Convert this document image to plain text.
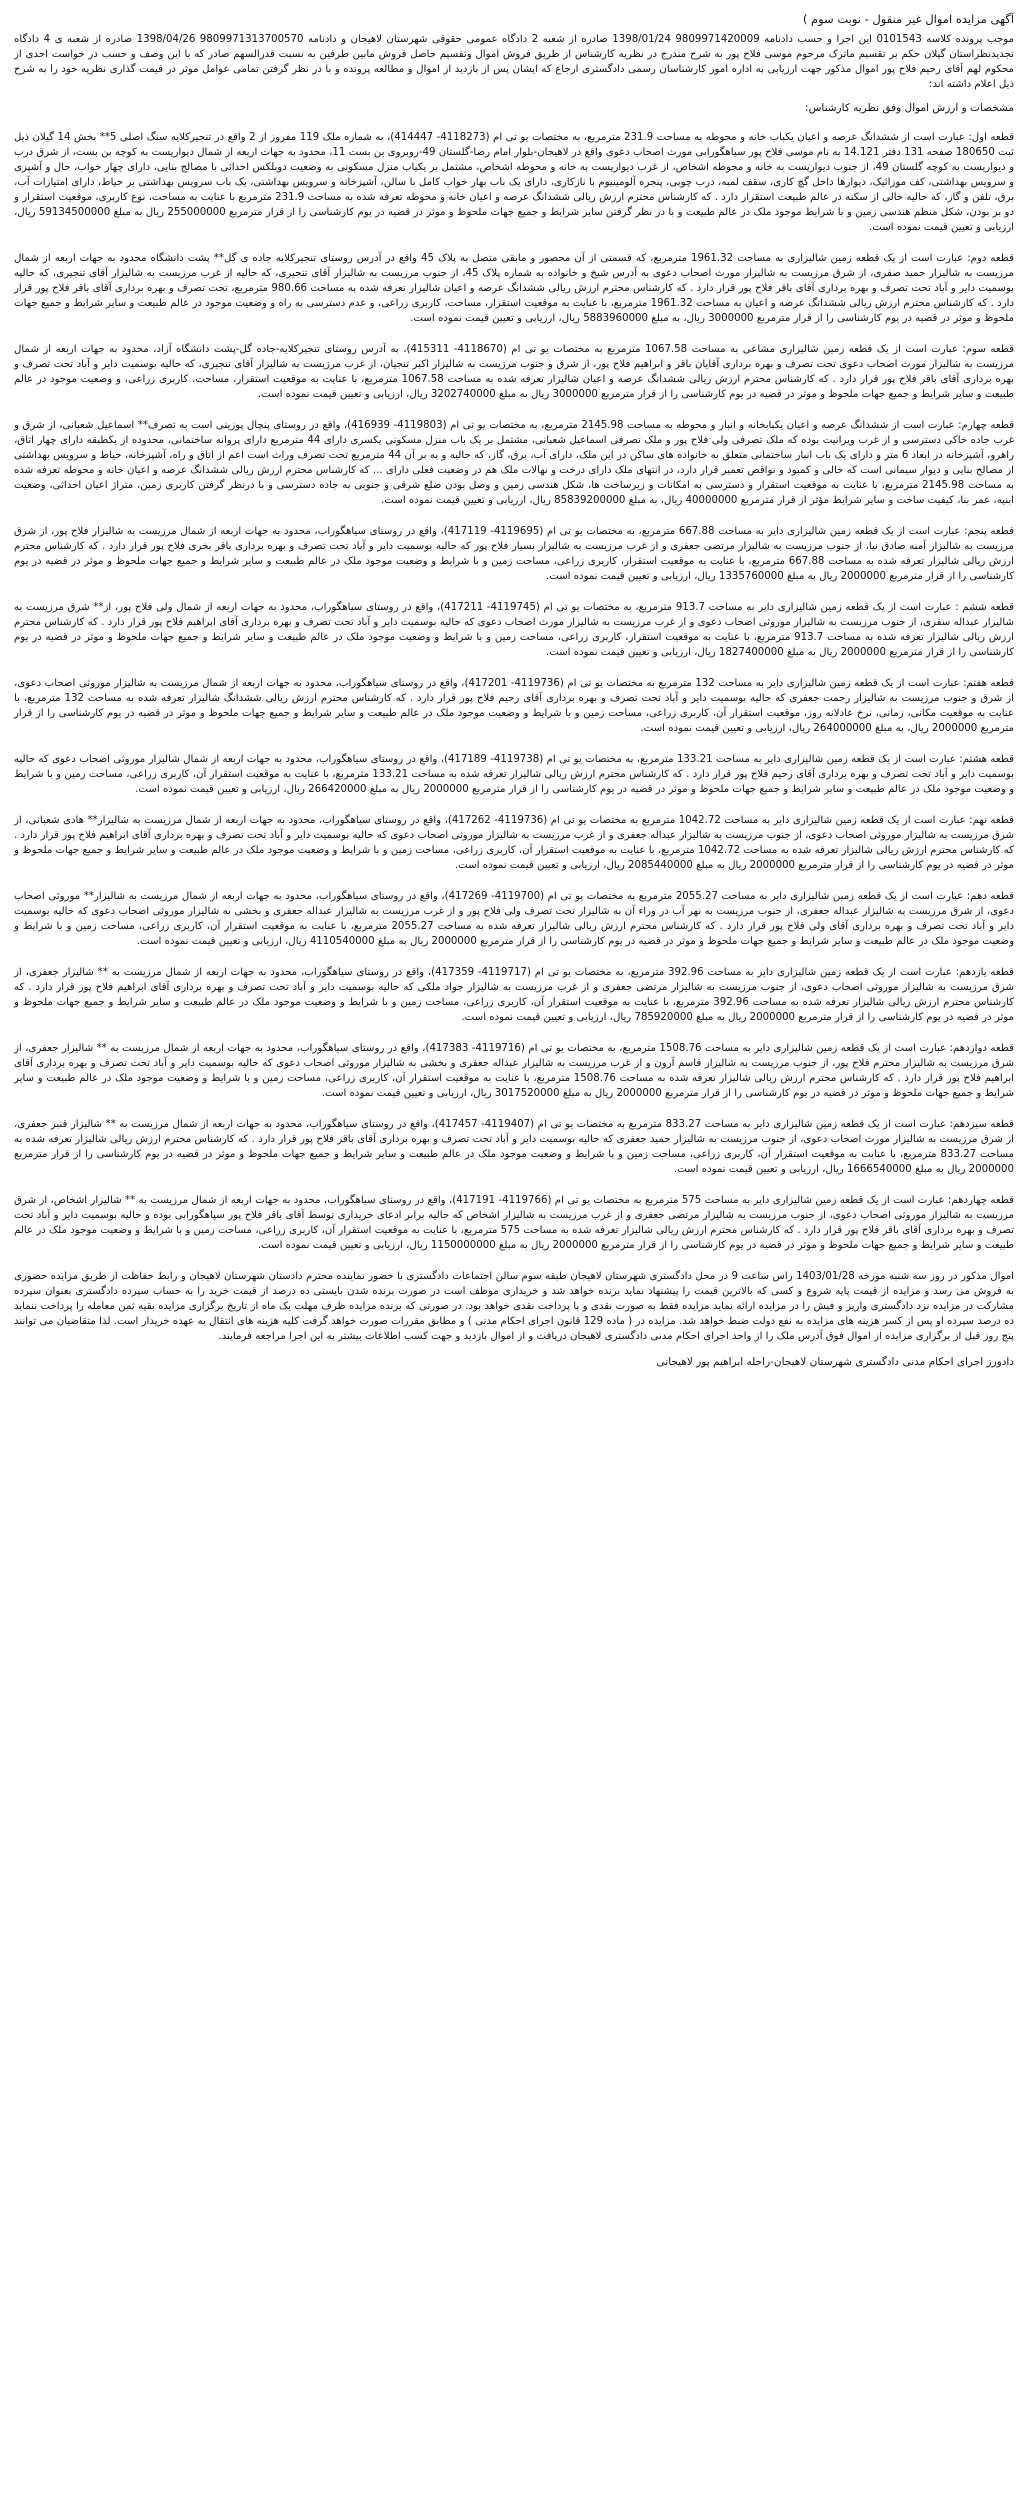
آگهی مزایده اموال غیر منقول - نوبت سوم )
موجب پرونده کلاسه 0101543 این اجرا و حسب دادنامه 9809971420009 1398/01/24 صادره از شعبه 2 دادگاه عمومی حقوقی شهرستان لاهیجان و دادنامه 9809971313700570 1398/04/26 صادره از شعبه ی 4 دادگاه تجدیدنظراستان گیلان حکم بر تقسیم ماترک مرحوم موسی فلاح پور به شرح مندرج در نظریه کارشناس از طریق فروش اموال وتقسیم حاصل فروش مابین طرفین به نسبت قدرالسهم صادر که با این وصف و حسب در خواست احدی از محکوم لهم آقای رحیم فلاح پور اموال مذکور جهت ارزیابی به اداره امور کارشناسان رسمی دادگستری ارجاع که ایشان پس از بازدید از اموال و مطالعه پرونده و با در نظر گرفتن تمامی عوامل موثر در قیمت گذاری نظریه خود را به شرح ذیل اعلام داشته اند:
مشخصات و ارزش اموال وفق نظریه کارشناس:
قطعه اول: عبارت است از ششدانگ عرصه و اعیان یکباب خانه و محوطه به مساحت 231.9 مترمربع، به مختصات یو تی ام (4118273- 414447)، به شماره ملک 119 مفروز از 2 واقع در تنجیرکلایه سنگ اصلی 5** بخش 14 گیلان ذیل ثبت 180650 صفحه 131 دفتر 14.121 به نام موسی فلاح پور سیاهگورابی مورث اصحاب دعوی واقع در لاهیجان-بلوار امام رضا-گلستان 49-روبروی بن بست 11، محدود به جهات اربعه از شمال دیواریست به کوچه بن بست، از شرق درب و دیواریست به کوچه گلستان 49، از جنوب دیواریست به خانه و محوطه اشخاص، از غرب دیواریست به خانه و محوطه اشخاص، مشتمل بر یکباب منزل مسکونی به وضعیت دوبلکس احداثی با مصالح بنایی، دارای چهار خواب، حال و آشپزی و سرویس بهداشتی، کف موزائیک، دیوارها داخل گچ کاری، سقف لمبه، درب چوبی، پنجره آلومینیوم با نازکاری، دارای یک باب بهار خواب کامل با سالن، آشپزخانه و سرویس بهداشتی، یک باب سرویس بهداشتی بر حیاط، دارای امتیازات آب، برق، تلفن و گاز، که حالیه خالی از سکنه در عالم طبیعت استقرار دارد . که کارشناس محترم ارزش ریالی ششدانگ عرصه و اعیان خانه و محوطه تعرفه شده به مساحت 231.9 مترمربع با عنایت به مساحت، نوع کاربری، موقعیت استقرار و دو بر بودن، شکل منظم هندسی زمین و با شرایط موجود ملک در عالم طبیعت و با در نظر گرفتن سایر شرایط و جمیع جهات ملحوظ و موثر در قضیه در یوم کارشناسی را از قرار مترمربع 255000000 ریال به مبلغ 59134500000 ریال، ارزیابی و تعیین قیمت نموده است.
قطعه دوم: عبارت است از یک قطعه زمین شالیزاری به مساحت 1961.32 مترمربع، که قسمتی از آن محصور و مابقی متصل به پلاک 45 واقع در آدرس روستای تنجیرکلایه جاده ی گل** پشت دانشگاه محدود به جهات اربعه از شمال مرزیست به شالیزار حمید صفری، از شرق مرزیست به شالیزار مورث اصحاب دعوی به آدرس شیخ و خانواده به شماره پلاک 45، از جنوب مرزیست به شالیزار آقای تنجیری، که حالیه از غرب مرزیست به شالیزار آقای تنجیری، که حالیه بوسمیت دایر و آباد تحت تصرف و بهره برداری آقای باقر فلاح پور قرار دارد . که کارشناس محترم ارزش ریالی ششدانگ عرصه و اعیان شالیزار تعرفه شده به مساحت 980.66 مترمربع، تحت تصرف و بهره برداری آقای باقر فلاح پور قرار دارد . که کارشناس محترم ارزش ریالی ششدانگ عرصه و اعیان به مساحت 1961.32 مترمربع، با عنایت به موقعیت استقرار، مساحت، کاربری زراعی، و عدم دسترسی به راه و وضعیت موجود در عالم طبیعت و سایر شرایط و جمیع جهات ملحوظ و موثر در قضیه در یوم کارشناسی را از قرار مترمربع 3000000 ریال، به مبلغ 5883960000 ریال، ارزیابی و تعیین قیمت نموده است.
قطعه سوم: عبارت است از یک قطعه زمین شالیزاری مشاعی به مساحت 1067.58 مترمربع به مختصات یو تی ام (4118670- 415311)، به آدرس روستای تنجیرکلایه-جاده گل-پشت دانشگاه آزاد، محدود به جهات اربعه از شمال مرزیست به شالیزار مورث اصحاب دعوی تحت تصرف و بهره برداری آقایان باقر و ابراهیم فلاح پور، از شرق و جنوب مرزیست به شالیزار اکبر تنجیان، از غرب مرزیست به شالیزار آقای تنجیری، که حالیه بوسمیت دایر و آباد تحت تصرف و بهره برداری آقای باقر فلاح پور قرار دارد . که کارشناس محترم ارزش ریالی ششدانگ عرصه و اعیان شالیزار تعرفه شده به مساحت 1067.58 مترمربع، با عنایت به موقعیت استقرار، مساحت، کاربری زراعی، و وضعیت موجود در عالم طبیعت و سایر شرایط و جمیع جهات ملحوظ و موثر در قضیه در یوم کارشناسی را از قرار مترمربع 3000000 ریال به مبلغ 3202740000 ریال، ارزیابی و تعیین قیمت نموده است.
قطعه چهارم: عبارت است از ششدانگ عرصه و اعیان یکبابخانه و انبار و محوطه به مساحت 2145.98 مترمربع، به مختصات یو تی ام (4119803- 416939)، واقع در روستای پنچال پوزینی است به تصرف** اسماعیل شعبانی، از شرق و غرب جاده خاکی دسترسی و از غرب ویرانیت بوده که ملک تصرفی ولی فلاح پور و ملک تصرفی اسماعیل شعبانی، مشتمل بر یک باب منزل مسکونی یکسری دارای 44 مترمربع دارای پروانه ساختمانی، محدوده از یکطبقه دارای چهار اتاق، راهرو، آشپزخانه در ابعاد 6 متر و دارای یک باب انبار ساختمانی متعلق به خانواده های ساکن در این ملک، دارای آب، برق، گاز، که حالیه و به بر آن 44 مترمربع تحت تصرف وراث است اعم از اتاق و راه، آشپزخانه، حیاط و سرویس بهداشتی از مصالح بنایی و دیوار سیمانی است که خالی و کمبود و نواقص تعمیر قرار دارد، در انتهای ملک دارای درخت و نهالات ملک هم در وضعیت فعلی دارای ... که کارشناس محترم ارزش ریالی ششدانگ عرصه و اعیان خانه و محوطه تعرفه شده به مساحت 2145.98 مترمربع، با عنایت به موقعیت استقرار و دسترسی به امکانات و زیرساخت ها، شکل هندسی زمین و وصل بودن ضلع شرقی و جنوبی به جاده دسترسی و با درنظر گرفتن کاربری زمین، متراژ اعیان احداثی، وضعیت ابنیه، عمر بنا، کیفیت ساخت و سایر شرایط مؤثر از قرار مترمربع 40000000 ریال، به مبلغ 85839200000 ریال، ارزیابی و تعیین قیمت نموده است.
قطعه پنجم: عبارت است از یک قطعه زمین شالیزاری دایر به مساحت 667.88 مترمربع، به مختصات یو تی ام (4119695- 417119)، واقع در روستای سیاهگوراب، محدود به جهات اربعه از شمال مرزیست به شالیزار فلاح پور، از شرق مرزیست به شالیزار آمنه صادق نیا، از جنوب مرزیست به شالیزار مرتضی جعفری و از غرب مرزیست به شالیزار بسیار فلاح پور که حالیه بوسمیت دایر و آباد تحت تصرف و بهره برداری باقر بخری فلاح پور قرار دارد . که کارشناس محترم ارزش ریالی شالیزار تعرفه شده به مساحت 667.88 مترمربع، با عنایت به موقعیت استقرار، کاربری زراعی، مساحت زمین و با شرایط و وضعیت موجود ملک در عالم طبیعت و سایر شرایط و جمیع جهات ملحوظ و موثر در قضیه در یوم کارشناسی را از قرار مترمربع 2000000 ریال به مبلغ 1335760000 ریال، ارزیابی و تعیین قیمت نموده است.
قطعه ششم : عبارت است از یک قطعه زمین شالیزاری دایر به مساحت 913.7 مترمربع، به مختصات یو تی ام (4119745- 417211)، واقع در روستای سیاهگوراب، محدود به جهات اربعه از شمال ولی فلاح پور، از** شرق مرزیست به شالیزار عبداله سفری، از جنوب مرزیست به شالیزار موروثی اصحاب دعوی و از غرب مرزیست به شالیزار مورث اصحاب دعوی که حالیه بوسمیت دایر و آباد تحت تصرف و بهره برداری آقای ابراهیم فلاح پور قرار دارد . که کارشناس محترم ارزش ریالی شالیزار تعرفه شده به مساحت 913.7 مترمربع، با عنایت به موقعیت استقرار، کاربری زراعی، مساحت زمین و با شرایط و وضعیت موجود ملک در عالم طبیعت و سایر شرایط و جمیع جهات ملحوظ و موثر در قضیه در یوم کارشناسی را از قرار مترمربع 2000000 ریال به مبلغ 1827400000 ریال، ارزیابی و تعیین قیمت نموده است.
قطعه هفتم: عبارت است از یک قطعه زمین شالیزاری دایر به مساحت 132 مترمربع به مختصات یو تی ام (4119736- 417201)، واقع در روستای سیاهگوراب، محدود به جهات اربعه از شمال مرزیست به شالیزار موروثی اصحاب دعوی، از شرق و جنوب مرزیست به شالیزار رحمت جعفری که حالیه بوسمیت دایر و آباد تحت تصرف و بهره برداری آقای رحیم فلاح پور قرار دارد . که کارشناس محترم ارزش ریالی ششدانگ شالیزار تعرفه شده به مساحت 132 مترمربع، با عنایت به موقعیت مکانی، زمانی، نرخ عادلانه روز، موقعیت استقرار آن، کاربری زراعی، مساحت زمین و با شرایط و وضعیت موجود ملک در عالم طبیعت و سایر شرایط و جمیع جهات ملحوظ و موثر در قضیه در یوم کارشناسی را از قرار مترمربع 2000000 ریال، به مبلغ 264000000 ریال، ارزیابی و تعیین قیمت نموده است.
قطعه هشتم: عبارت است از یک قطعه زمین شالیزاری دایر به مساحت 133.21 مترمربع، به مختصات یو تی ام (4119738- 417189)، واقع در روستای سیاهگوراب، محدود به جهات اربعه از شمال شالیزار موروثی اصحاب دعوی که حالیه بوسمیت دایر و آباد تحت تصرف و بهره برداری آقای رحیم فلاح پور قرار دارد . که کارشناس محترم ارزش ریالی شالیزار تعرفه شده به مساحت 133.21 مترمربع، با عنایت به موقعیت استقرار آن، کاربری زراعی، مساحت زمین و با شرایط و وضعیت موجود ملک در عالم طبیعت و سایر شرایط و جمیع جهات ملحوظ و موثر در قضیه در یوم کارشناسی را از قرار مترمربع 2000000 ریال به مبلغ 266420000 ریال، ارزیابی و تعیین قیمت نموده است.
قطعه نهم: عبارت است از یک قطعه زمین شالیزاری دایر به مساحت 1042.72 مترمربع به مختصات یو تی ام (4119736- 417262)، واقع در روستای سیاهگوراب، محدود به جهات اربعه از شمال مرزیست به شالیزار** هادی شعبانی، از شرق مرزیست به شالیزار موروثی اصحاب دعوی، از جنوب مرزیست به شالیزار عبداله جعفری و از غرب مرزیست به شالیزار موروثی اصحاب دعوی که حالیه بوسمیت دایر و آباد تحت تصرف و بهره برداری آقای ابراهیم فلاح پور قرار دارد . که کارشناس محترم ارزش ریالی شالیزار تعرفه شده به مساحت 1042.72 مترمربع، با عنایت به موقعیت استقرار آن، کاربری زراعی، مساحت زمین و با شرایط و وضعیت موجود ملک در عالم طبیعت و سایر شرایط و جمیع جهات ملحوظ و موثر در قضیه در یوم کارشناسی را از قرار مترمربع 2000000 ریال به مبلغ 2085440000 ریال، ارزیابی و تعیین قیمت نموده است.
قطعه دهم: عبارت است از یک قطعه زمین شالیزاری دایر به مساحت 2055.27 مترمربع به مختصات یو تی ام (4119700- 417269)، واقع در روستای سیاهگوراب، محدود به جهات اربعه از شمال مرزیست به شالیزار** موروثی اصحاب دعوی، از شرق مرزیست به شالیزار عبداله جعفری، از جنوب مرزیست به نهر آب در وراء آن به شالیزار تحت تصرف ولی فلاح پور و از غرب مرزیست به شالیزار عبداله جعفری و بخشی به شالیزار موروثی اصحاب دعوی که حالیه بوسمیت دایر و آباد تحت تصرف و بهره برداری آقای ولی فلاح پور قرار دارد . که کارشناس محترم ارزش ریالی شالیزار تعرفه شده به مساحت 2055.27 مترمربع، با عنایت به موقعیت استقرار آن، کاربری زراعی، مساحت زمین و با شرایط و وضعیت موجود ملک در عالم طبیعت و سایر شرایط و جمیع جهات ملحوظ و موثر در قضیه در یوم کارشناسی را از قرار مترمربع 2000000 ریال به مبلغ 4110540000 ریال، ارزیابی و تعیین قیمت نموده است.
قطعه یازدهم: عبارت است از یک قطعه زمین شالیزاری دایر به مساحت 392.96 مترمربع، به مختصات یو تی ام (4119717- 417359)، واقع در روستای سیاهگوراب، محدود به جهات اربعه از شمال مرزیست به ** شالیزار جعفری، از شرق مرزیست به شالیزار موروثی اصحاب دعوی، از جنوب مرزیست به شالیزار مرتضی جعفری و از غرب مرزیست به شالیزار جواد ملکی که حالیه بوسمیت دایر و آباد تحت تصرف و بهره برداری آقای ابراهیم فلاح پور قرار دارد . که کارشناس محترم ارزش ریالی شالیزار تعرفه شده به مساحت 392.96 مترمربع، با عنایت به موقعیت استقرار آن، کاربری زراعی، مساحت زمین و با شرایط و وضعیت موجود ملک در عالم طبیعت و سایر شرایط و جمیع جهات ملحوظ و موثر در قضیه در یوم کارشناسی را از قرار مترمربع 2000000 ریال به مبلغ 785920000 ریال، ارزیابی و تعیین قیمت نموده است.
قطعه دوازدهم: عبارت است از یک قطعه زمین شالیزاری دایر به مساحت 1508.76 مترمربع، به مختصات یو تی ام (4119716- 417383)، واقع در روستای سیاهگوراب، محدود به جهات اربعه از شمال مرزیست به ** شالیزار جعفری، از شرق مرزیست به شالیزار محترم فلاح پور، از جنوب مرزیست به شالیزار قاسم آرون و از غرب مرزیست به شالیزار عبداله جعفری و بخشی به شالیزار موروثی اصحاب دعوی که حالیه بوسمیت دایر و آباد تحت تصرف و بهره برداری آقای ابراهیم فلاح پور قرار دارد . که کارشناس محترم ارزش ریالی شالیزار تعرفه شده به مساحت 1508.76 مترمربع، با عنایت به موقعیت استقرار آن، کاربری زراعی، مساحت زمین و با شرایط و وضعیت موجود ملک در عالم طبیعت و سایر شرایط و جمیع جهات ملحوظ و موثر در قضیه در یوم کارشناسی را از قرار مترمربع 2000000 ریال به مبلغ 3017520000 ریال، ارزیابی و تعیین قیمت نموده است.
قطعه سیزدهم: عبارت است از یک قطعه زمین شالیزاری دایر به مساحت 833.27 مترمربع به مختصات یو تی ام (4119407- 417457)، واقع در روستای سیاهگوراب، محدود به جهات اربعه از شمال مرزیست به ** شالیزار قنبر جعفری، از شرق مرزیست به شالیزار مورث اصحاب دعوی، از جنوب مرزیست به شالیزار حمید جعفری که حالیه بوسمیت دایر و آباد تحت تصرف و بهره برداری آقای باقر فلاح پور قرار دارد . که کارشناس محترم ارزش ریالی شالیزار تعرفه شده به مساحت 833.27 مترمربع، با عنایت به موقعیت استقرار آن، کاربری زراعی، مساحت زمین و با شرایط و وضعیت موجود ملک در عالم طبیعت و سایر شرایط و جمیع جهات ملحوظ و موثر در قضیه در یوم کارشناسی را از قرار مترمربع 2000000 ریال به مبلغ 1666540000 ریال، ارزیابی و تعیین قیمت نموده است.
قطعه چهاردهم: عبارت است از یک قطعه زمین شالیزاری دایر به مساحت 575 مترمربع به مختصات یو تی ام (4119766- 417191)، واقع در روستای سیاهگوراب، محدود به جهات اربعه از شمال مرزیست به ** شالیزار اشخاص، از شرق مرزیست به شالیزار موروثی اصحاب دعوی، از جنوب مرزیست به شالیزار مرتضی جعفری و از غرب مرزیست به شالیزار اشخاص که حالیه برابر ادعای خریداری توسط آقای باقر فلاح پور سیاهگورابی بوده و حالیه بوسمیت دایر و آباد تحت تصرف و بهره برداری آقای باقر فلاح پور قرار دارد . که کارشناس محترم ارزش ریالی شالیزار تعرفه شده به مساحت 575 مترمربع، با عنایت به موقعیت استقرار آن، کاربری زراعی، مساحت زمین و با شرایط و وضعیت موجود ملک در عالم طبیعت و سایر شرایط و جمیع جهات ملحوظ و موثر در قضیه در یوم کارشناسی را از قرار مترمربع 2000000 ریال به مبلغ 1150000000 ریال، ارزیابی و تعیین قیمت نموده است.
اموال مذکور در روز سه شنبه مورخه 1403/01/28 راس ساعت 9 در محل دادگستری شهرستان لاهیجان طبقه سوم سالن اجتماعات دادگستری با حضور نماینده محترم دادستان شهرستان لاهیجان و رابط حفاظت از طریق مزایده حضوری به فروش می رسد و مزایده از قیمت پایه شروع و کسی که بالاترین قیمت را پیشنهاد نماید برنده خواهد شد و خریداری موظف است در صورت برنده شدن بایستی ده درصد از قیمت خرید را به حساب سپرده دادگستری بعنوان سپرده مشارکت در مزایده نزد دادگستری واریز و فیش را در مزایده ارائه نماید مزایده فقط به صورت نقدی و با پرداخت نقدی خواهد بود. در صورتی که برنده مزایده ظرف مهلت یک ماه از تاریخ برگزاری مزایده بقیه ثمن معامله را پرداخت ننماید ده درصد سپرده او پس از کسر هزینه های مزایده به نفع دولت ضبط خواهد شد. مزایده در ( ماده 129 قانون اجرای احکام مدنی ) و مطابق مقررات صورت خواهد گرفت کلیه هزینه های انتقال به عهده خریدار است. لذا متقاضیان می توانند پنج روز قبل از برگزاری مزایده از اموال فوق آدرس ملک را از واحد اجرای احکام مدنی دادگستری لاهیجان دریافت و از اموال بازدید و جهت کسب اطلاعات بیشتر به این اجرا مراجعه فرمایند.
دادورز اجرای احکام مدنی دادگستری شهرستان لاهیجان-راحله ابراهیم پور لاهیجانی
